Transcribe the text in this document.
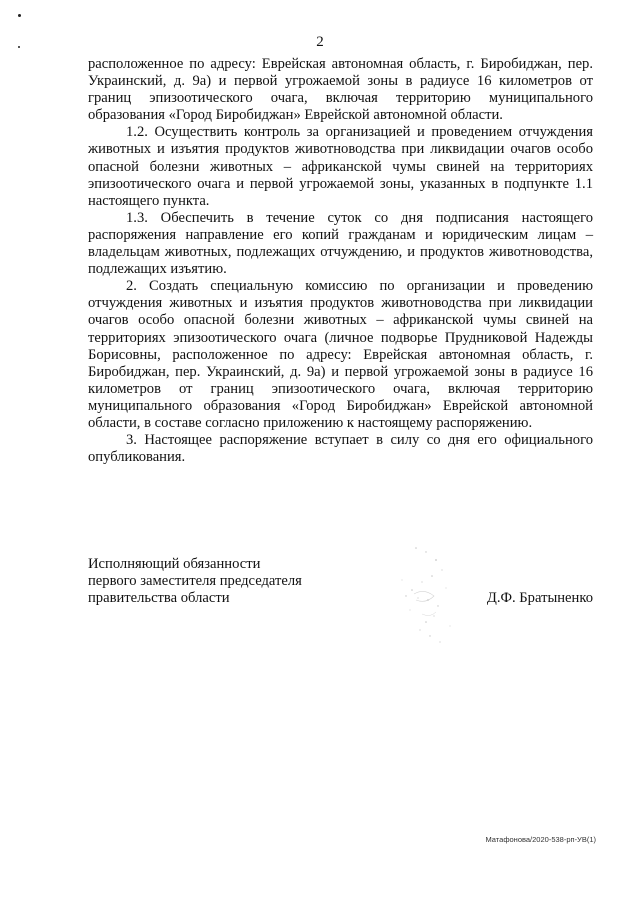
2

расположенное по адресу: Еврейская автономная область, г. Биробиджан, пер. Украинский, д. 9а) и первой угрожаемой зоны в радиусе 16 километров от границ эпизоотического очага, включая территорию муниципального образования «Город Биробиджан» Еврейской автономной области.

1.2. Осуществить контроль за организацией и проведением отчуждения животных и изъятия продуктов животноводства при ликвидации очагов особо опасной болезни животных – африканской чумы свиней на территориях эпизоотического очага и первой угрожаемой зоны, указанных в подпункте 1.1 настоящего пункта.

1.3. Обеспечить в течение суток со дня подписания настоящего распоряжения направление его копий гражданам и юридическим лицам – владельцам животных, подлежащих отчуждению, и продуктов животноводства, подлежащих изъятию.

2. Создать специальную комиссию по организации и проведению отчуждения животных и изъятия продуктов животноводства при ликвидации очагов особо опасной болезни животных – африканской чумы свиней на территориях эпизоотического очага (личное подворье Прудниковой Надежды Борисовны, расположенное по адресу: Еврейская автономная область, г. Биробиджан, пер. Украинский, д. 9а) и первой угрожаемой зоны в радиусе 16 километров от границ эпизоотического очага, включая территорию муниципального образования «Город Биробиджан» Еврейской автономной области, в составе согласно приложению к настоящему распоряжению.

3. Настоящее распоряжение вступает в силу со дня его официального опубликования.

Исполняющий обязанности
первого заместителя председателя
правительства области	Д.Ф. Братыненко
Матафонова/2020-538-рп-УВ(1)
